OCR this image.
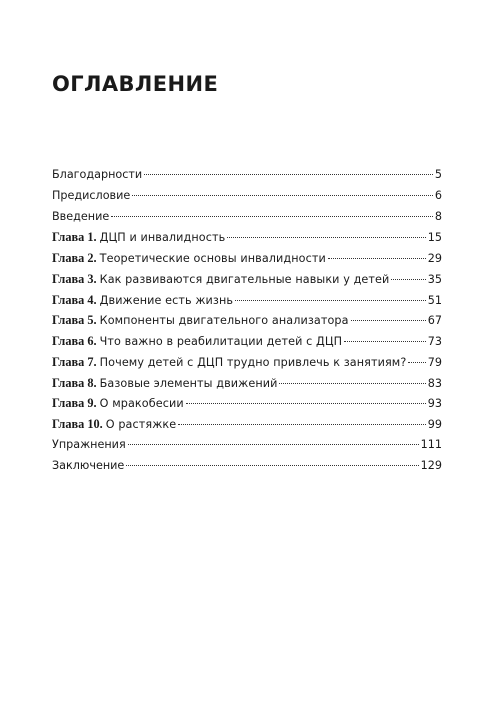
ОГЛАВЛЕНИЕ
Благодарности	5
Предисловие	6
Введение	8
Глава 1. ДЦП и инвалидность	15
Глава 2. Теоретические основы инвалидности	29
Глава 3. Как развиваются двигательные навыки у детей	35
Глава 4. Движение есть жизнь	51
Глава 5. Компоненты двигательного анализатора	67
Глава 6. Что важно в реабилитации детей с ДЦП	73
Глава 7. Почему детей с ДЦП трудно привлечь к занятиям? 79
Глава 8. Базовые элементы движений	83
Глава 9. О мракобесии	93
Глава 10. О растяжке	99
Упражнения	111
Заключение	129
